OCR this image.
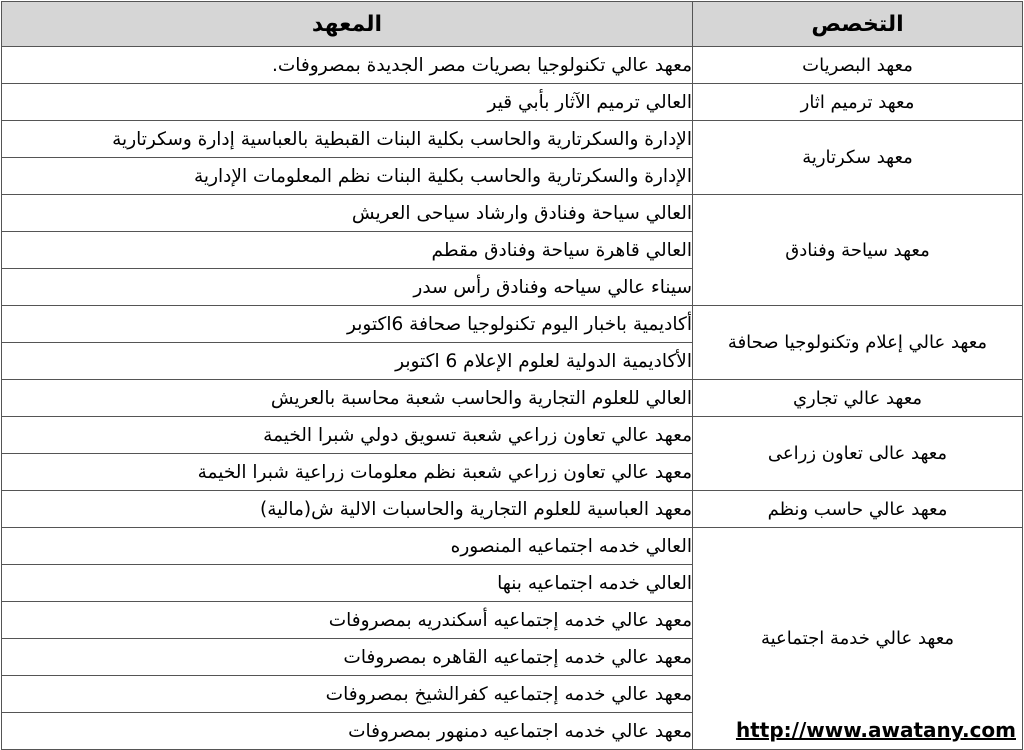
المعهد	التخصص
معهد عالي تكنولوجيا بصريات مصر الجديدة بمصروفات.	معهد البصريات
العالي ترميم الآثار بأبي قير	معهد ترميم اثار
الإدارة والسكرتارية والحاسب بكلية البنات القبطية بالعباسية إدارة وسكرتارية	معهد سكرتارية
الإدارة والسكرتارية والحاسب بكلية البنات نظم المعلومات الإدارية	
العالي سياحة وفنادق وارشاد سياحى العريش	معهد سياحة وفنادق
العالي قاهرة سياحة وفنادق مقطم	
سيناء عالي سياحه وفنادق رأس سدر	
أكاديمية باخبار اليوم تكنولوجيا صحافة 6اكتوبر	معهد عالي إعلام وتكنولوجيا صحافة
الأكاديمية الدولية لعلوم الإعلام 6 اكتوبر	
العالي للعلوم التجارية والحاسب شعبة محاسبة بالعريش	معهد عالي تجاري
معهد عالي تعاون زراعي شعبة تسويق دولي شبرا الخيمة	معهد عالى تعاون زراعى
معهد عالي تعاون زراعي شعبة نظم معلومات زراعية شبرا الخيمة	
معهد العباسية للعلوم التجارية والحاسبات الالية ش(مالية)	معهد عالي حاسب ونظم
العالي خدمه اجتماعيه المنصوره	معهد عالي خدمة اجتماعية
العالي خدمه اجتماعيه بنها	
معهد عالي خدمه إجتماعيه أسكندريه بمصروفات	
معهد عالي خدمه إجتماعيه القاهره بمصروفات	
معهد عالي خدمه إجتماعيه كفرالشيخ بمصروفات	
معهد عالي خدمه اجتماعيه دمنهور بمصروفات	http://www.awatany.com
